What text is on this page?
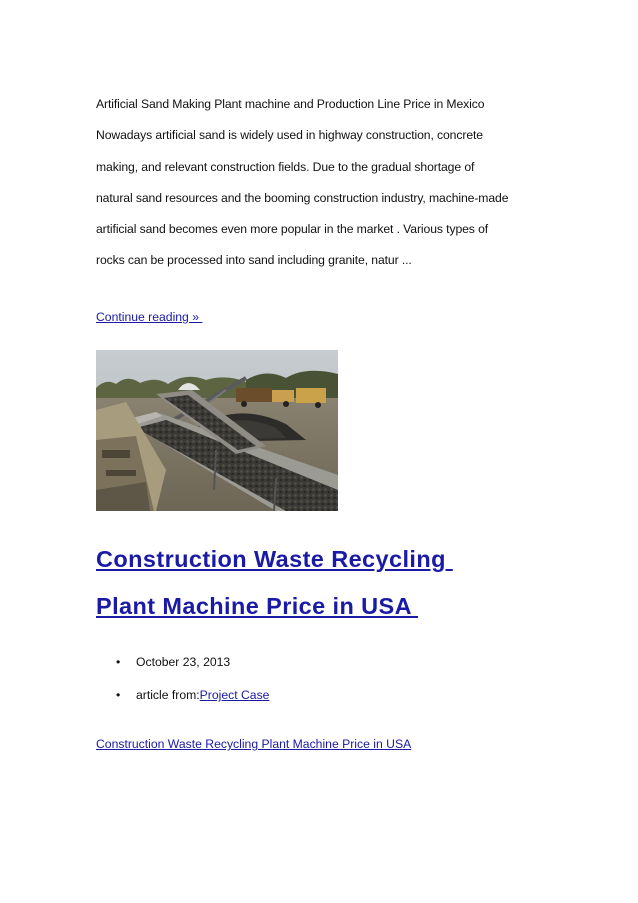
Artificial Sand Making Plant machine and Production Line Price in Mexico
Nowadays artificial sand is widely used in highway construction, concrete
making, and relevant construction fields. Due to the gradual shortage of
natural sand resources and the booming construction industry, machine-made
artificial sand becomes even more popular in the market . Various types of
rocks can be processed into sand including granite, natur ...
Continue reading »
Construction Waste Recycling
Plant Machine Price in USA
• October 23, 2013
• article from:Project Case
Construction Waste Recycling Plant Machine Price in USA
